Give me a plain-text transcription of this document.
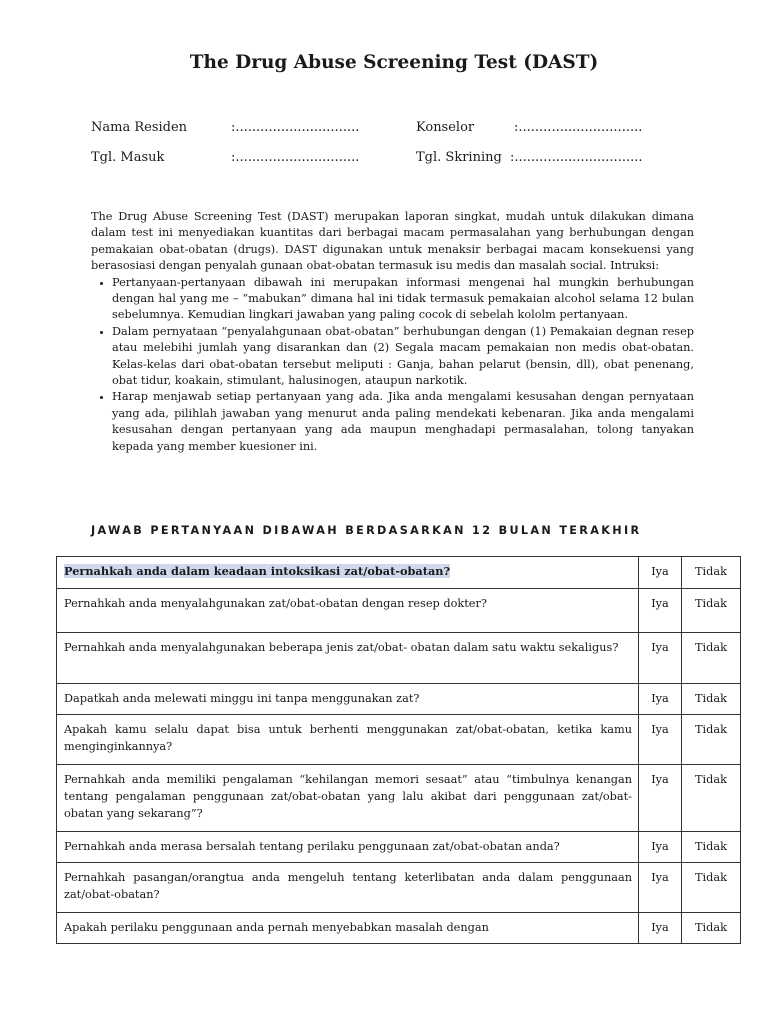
The Drug Abuse Screening Test (DAST)
Nama Residen	:..............................	Konselor	:..............................
Tgl. Masuk	:..............................	Tgl. Skrining :...............................

The Drug Abuse Screening Test (DAST) merupakan laporan singkat, mudah untuk dilakukan dimana dalam test ini menyediakan kuantitas dari berbagai macam permasalahan yang berhubungan dengan pemakaian obat-obatan (drugs). DAST digunakan untuk menaksir berbagai macam konsekuensi yang berasosiasi dengan penyalah gunaan obat-obatan termasuk isu medis dan masalah social. Intruksi:

• Pertanyaan-pertanyaan dibawah ini merupakan informasi mengenai hal mungkin berhubungan dengan hal yang me – “mabukan” dimana hal ini tidak termasuk pemakaian alcohol selama 12 bulan sebelumnya. Kemudian lingkari jawaban yang paling cocok di sebelah kololm pertanyaan.
• Dalam pernyataan “penyalahgunaan obat-obatan” berhubungan dengan (1) Pemakaian degnan resep atau melebihi jumlah yang disarankan dan (2) Segala macam pemakaian non medis obat-obatan. Kelas-kelas dari obat-obatan tersebut meliputi : Ganja, bahan pelarut (bensin, dll), obat penenang, obat tidur, koakain, stimulant, halusinogen, ataupun narkotik.
• Harap menjawab setiap pertanyaan yang ada. Jika anda mengalami kesusahan dengan pernyataan yang ada, pilihlah jawaban yang menurut anda paling mendekati kebenaran. Jika anda mengalami kesusahan dengan pertanyaan yang ada maupun menghadapi permasalahan, tolong tanyakan kepada yang member kuesioner ini.
JAWAB PERTANYAAN DIBAWAH BERDASARKAN 12 BULAN TERAKHIR
Pernahkah anda dalam keadaan intoksikasi zat/obat-obatan?	Iya	Tidak
Pernahkah anda menyalahgunakan zat/obat-obatan dengan resep dokter?	Iya	Tidak
Pernahkah anda menyalahgunakan beberapa jenis zat/obat- obatan dalam satu waktu sekaligus?	Iya	Tidak
Dapatkah anda melewati minggu ini tanpa menggunakan zat?	Iya	Tidak
Apakah kamu selalu dapat bisa untuk berhenti menggunakan zat/obat-obatan, ketika kamu menginginkannya?	Iya	Tidak
Pernahkah anda memiliki pengalaman “kehilangan memori sesaat” atau “timbulnya kenangan tentang pengalaman penggunaan zat/obat-obatan yang lalu akibat dari penggunaan zat/obat-obatan yang sekarang”?	Iya	Tidak
Pernahkah anda merasa bersalah tentang perilaku penggunaan zat/obat-obatan anda?	Iya	Tidak
Pernahkah pasangan/orangtua anda mengeluh tentang keterlibatan anda dalam penggunaan zat/obat-obatan?	Iya	Tidak
Apakah perilaku penggunaan anda pernah menyebabkan masalah dengan	Iya	Tidak
